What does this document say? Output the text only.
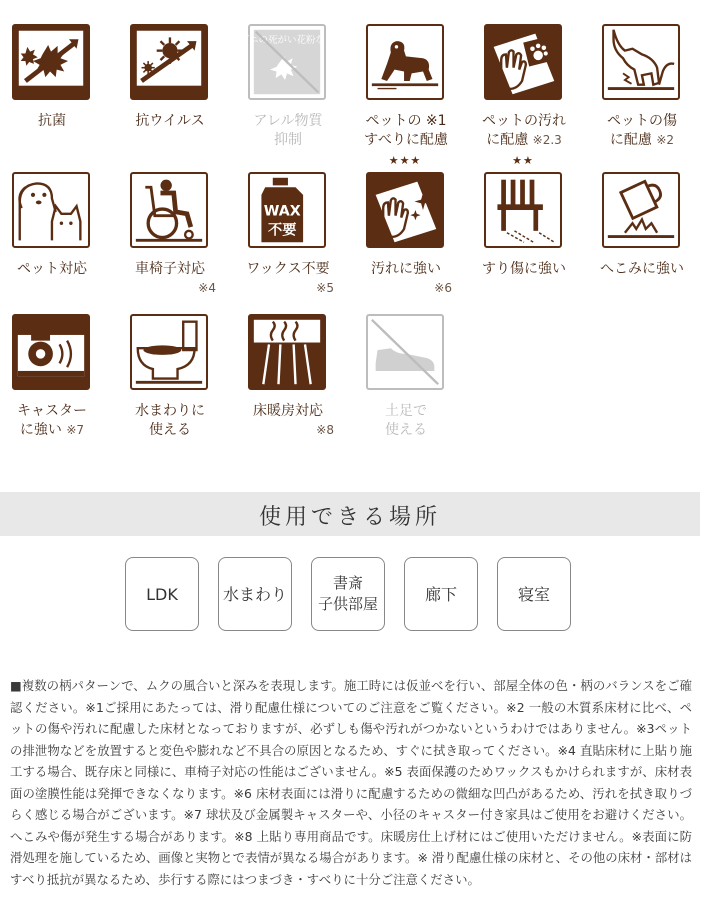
抗菌	抗ウイルス
ダニの死がい花粉など
アレル物質
抑制
ペットの ※1
すべりに配慮
ペットの汚れ
に配慮 ※2.3
ペットの傷
に配慮 ※2
ペット対応	車椅子対応
※4
WAX
不要
ワックス不要
※5
★★★
汚れに強い
※6
★★
すり傷に強い	へこみに強い
キャスター
に強い ※7
水まわりに
使える
床暖房対応
※8
土足で
使える
使用できる場所
LDK	水まわり
書斎
子供部屋
廊下	寝室
■複数の柄パターンで、ムクの風合いと深みを表現します。施工時には仮並べを行い、部屋全体の色・柄のバランスをご確認ください。※1ご採用にあたっては、滑り配慮仕様についてのご注意をご覧ください。※2 一般の木質系床材に比べ、ペットの傷や汚れに配慮した床材となっておりますが、必ずしも傷や汚れがつかないというわけではありません。※3ペットの排泄物などを放置すると変色や膨れなど不具合の原因となるため、すぐに拭き取ってください。※4 直貼床材に上貼り施工する場合、既存床と同様に、車椅子対応の性能はございません。※5 表面保護のためワックスもかけられますが、床材表面の塗膜性能は発揮できなくなります。※6 床材表面には滑りに配慮するための微細な凹凸があるため、汚れを拭き取りづらく感じる場合がございます。※7 球状及び金属製キャスターや、小径のキャスター付き家具はご使用をお避けください。へこみや傷が発生する場合があります。※8 上貼り専用商品です。床暖房仕上げ材にはご使用いただけません。※表面に防滑処理を施しているため、画像と実物とで表情が異なる場合があります。※ 滑り配慮仕様の床材と、その他の床材・部材はすべり抵抗が異なるため、歩行する際にはつまづき・すべりに十分ご注意ください。
